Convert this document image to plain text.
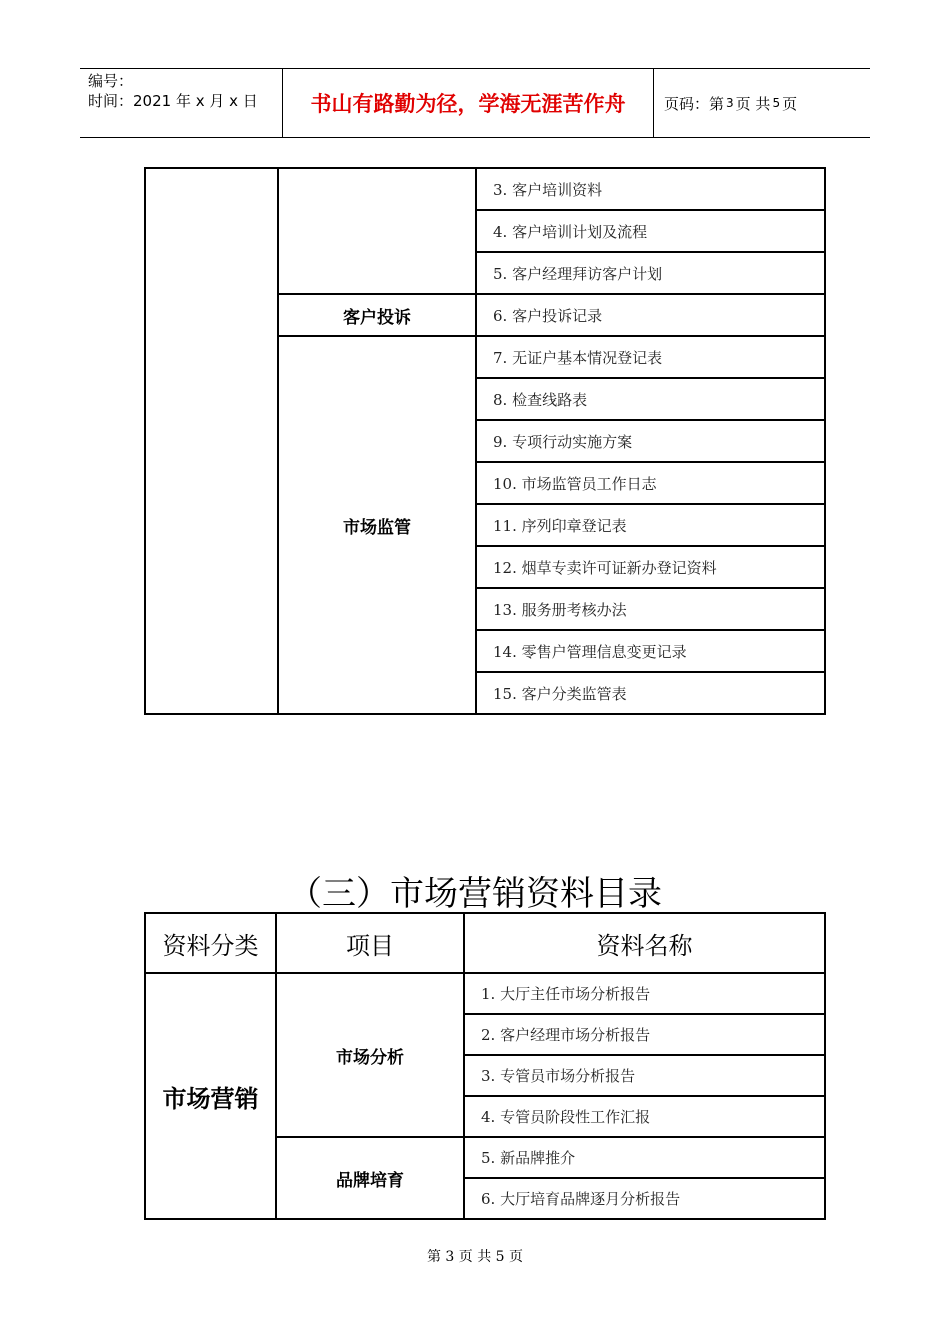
编号：
时间：2021 年 x 月 x 日	书山有路勤为径，学海无涯苦作舟	页码：第 3 页 共 5 页
		3. 客户培训资料
		4. 客户培训计划及流程
		5. 客户经理拜访客户计划
	客户投诉	6. 客户投诉记录
	市场监管	7. 无证户基本情况登记表
		8. 检查线路表
		9. 专项行动实施方案
		10. 市场监管员工作日志
		11. 序列印章登记表
		12. 烟草专卖许可证新办登记资料
		13. 服务册考核办法
		14. 零售户管理信息变更记录
		15. 客户分类监管表
（三）市场营销资料目录
资料分类	项目	资料名称
市场营销	市场分析	1. 大厅主任市场分析报告
		2. 客户经理市场分析报告
		3. 专管员市场分析报告
		4. 专管员阶段性工作汇报
	品牌培育	5. 新品牌推介
		6. 大厅培育品牌逐月分析报告
第 3 页 共 5 页
